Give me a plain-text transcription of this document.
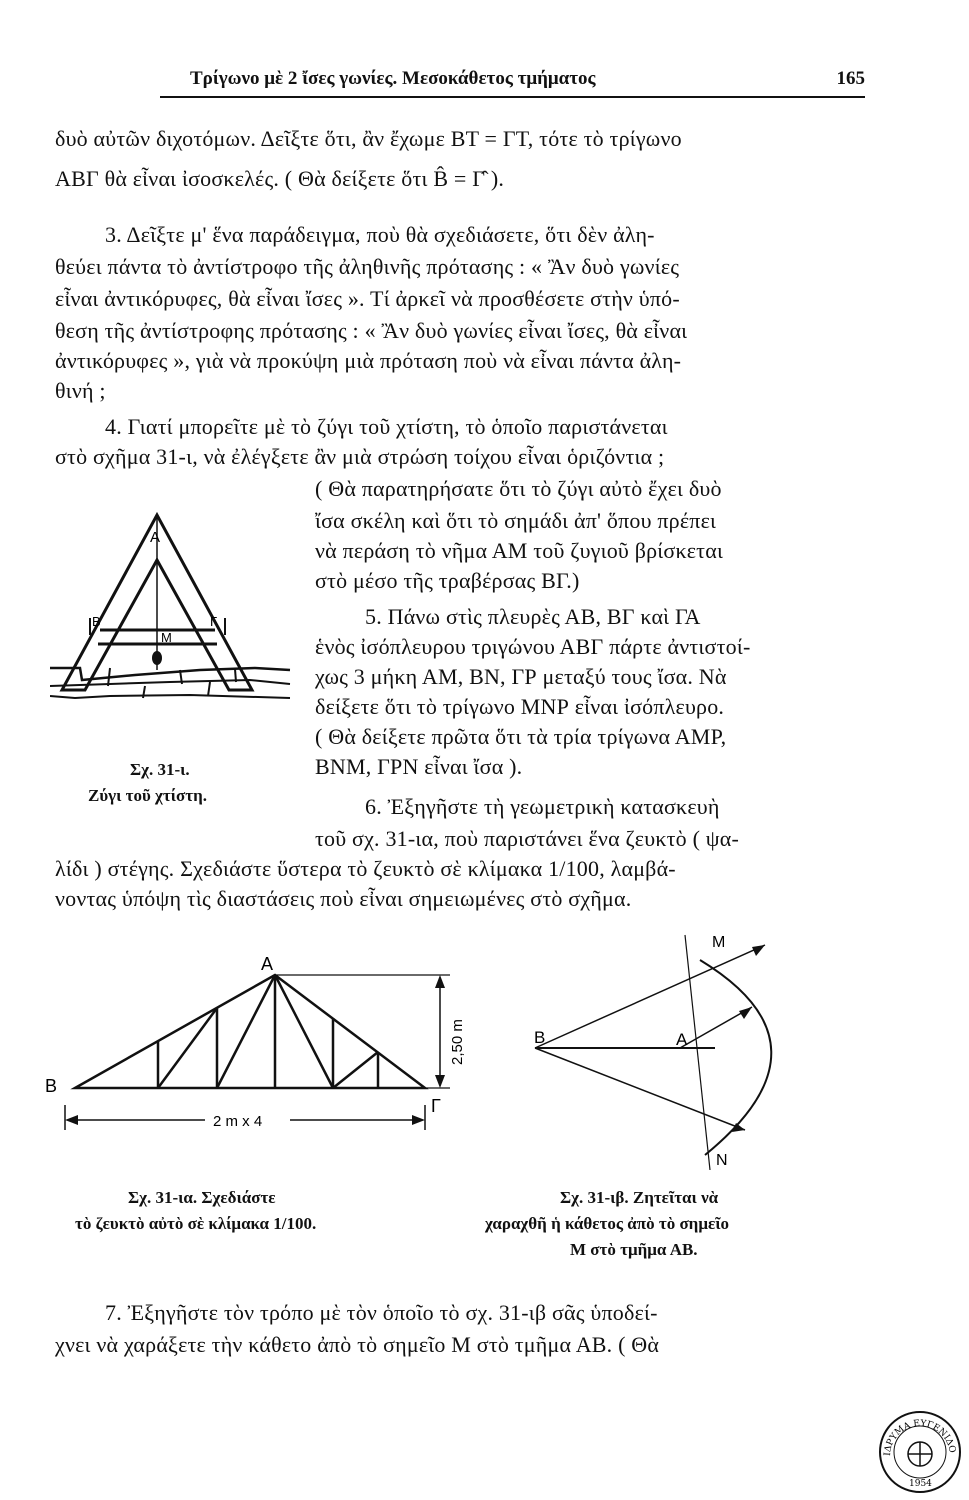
Τρίγωνο μὲ 2 ἴσες γωνίες. Μεσοκάθετος τμήματος	165
δυὸ αὐτῶν διχοτόμων. Δεῖξτε ὅτι, ἂν ἔχωμε ΒΤ = ΓΤ, τότε τὸ τρίγωνο
ΑΒΓ θὰ εἶναι ἰσοσκελές. ( Θὰ δείξετε ὅτι B̂ = Γ̂ ).
3. Δεῖξτε μ' ἕνα παράδειγμα, ποὺ θὰ σχεδιάσετε, ὅτι δὲν ἀλη-
θεύει πάντα τὸ ἀντίστροφο τῆς ἀληθινῆς πρότασης : « Ἂν δυὸ γωνίες
εἶναι ἀντικόρυφες, θὰ εἶναι ἴσες ». Τί ἀρκεῖ νὰ προσθέσετε στὴν ὑπό-
θεση τῆς ἀντίστροφης πρότασης : « Ἂν δυὸ γωνίες εἶναι ἴσες, θὰ εἶναι
ἀντικόρυφες », γιὰ νὰ προκύψη μιὰ πρόταση ποὺ νὰ εἶναι πάντα ἀλη-
θινή ;
4. Γιατί μπορεῖτε μὲ τὸ ζύγι τοῦ χτίστη, τὸ ὁποῖο παριστάνεται
στὸ σχῆμα 31-ι, νὰ ἐλέγξετε ἂν μιὰ στρώση τοίχου εἶναι ὁριζόντια ;
( Θὰ παρατηρήσατε ὅτι τὸ ζύγι αὐτὸ ἔχει δυὸ
ἴσα σκέλη καὶ ὅτι τὸ σημάδι ἀπ' ὅπου πρέπει
νὰ περάση τὸ νῆμα ΑΜ τοῦ ζυγιοῦ βρίσκεται
στὸ μέσο τῆς τραβέρσας ΒΓ.)
5. Πάνω στὶς πλευρὲς ΑΒ, ΒΓ καὶ ΓΑ
ἑνὸς ἰσόπλευρου τριγώνου ΑΒΓ πάρτε ἀντιστοί-
χως 3 μήκη ΑΜ, ΒΝ, ΓΡ μεταξύ τους ἴσα. Νὰ
δείξετε ὅτι τὸ τρίγωνο ΜΝΡ εἶναι ἰσόπλευρο.
( Θὰ δείξετε πρῶτα ὅτι τὰ τρία τρίγωνα ΑΜΡ,
ΒΝΜ, ΓΡΝ εἶναι ἴσα ).
6. Ἐξηγῆστε τὴ γεωμετρικὴ κατασκευὴ
τοῦ σχ. 31-ια, ποὺ παριστάνει ἕνα ζευκτὸ ( ψα-
λίδι ) στέγης. Σχεδιάστε ὕστερα τὸ ζευκτὸ σὲ κλίμακα 1/100, λαμβά-
νοντας ὑπόψη τὶς διαστάσεις ποὺ εἶναι σημειωμένες στὸ σχῆμα.
7. Ἐξηγῆστε τὸν τρόπο μὲ τὸν ὁποῖο τὸ σχ. 31-ιβ σᾶς ὑποδεί-
χνει νὰ χαράξετε τὴν κάθετο ἀπὸ τὸ σημεῖο Μ στὸ τμῆμα ΑΒ. ( Θὰ
A
B
M
Γ
Σχ. 31-ι.
Ζύγι τοῦ χτίστη.
A
B
Γ
2,50 m
2 m x 4
Σχ. 31-ια. Σχεδιάστε
τὸ ζευκτὸ αὐτὸ σὲ κλίμακα 1/100.
M
N
B	A
Σχ. 31-ιβ. Ζητεῖται νὰ
χαραχθῆ ἡ κάθετος ἀπὸ τὸ σημεῖο
Μ στὸ τμῆμα ΑΒ.
ΙΔΡΥΜΑ ΕΥΓΕΝΙΔΟ
1954
